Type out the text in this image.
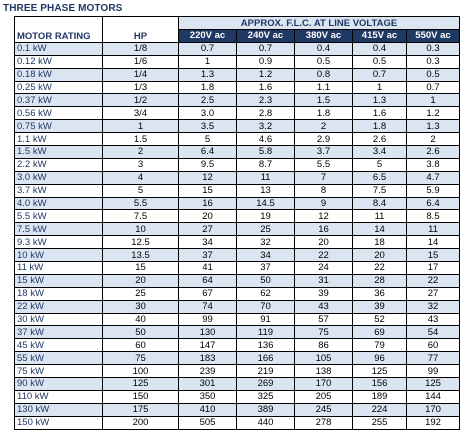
THREE PHASE MOTORS
		APPROX. F.L.C. AT LINE VOLTAGE				
MOTOR RATING	HP	220V ac	240V ac	380V ac	415V ac	550V ac
0.1 kW	1/8	0.7	0.7	0.4	0.4	0.3
0.12 kW	1/6	1	0.9	0.5	0.5	0.3
0.18 kW	1/4	1.3	1.2	0.8	0.7	0.5
0.25 kW	1/3	1.8	1.6	1.1	1	0.7
0.37 kW	1/2	2.5	2.3	1.5	1.3	1
0.56 kW	3/4	3.0	2.8	1.8	1.6	1.2
0.75 kW	1	3.5	3.2	2	1.8	1.3
1.1 kW	1.5	5	4.6	2.9	2.6	2
1.5 kW	2	6.4	5.8	3.7	3.4	2.6
2.2 kW	3	9.5	8.7	5.5	5	3.8
3.0 kW	4	12	11	7	6.5	4.7
3.7 kW	5	15	13	8	7.5	5.9
4.0 kW	5.5	16	14.5	9	8.4	6.4
5.5 kW	7.5	20	19	12	11	8.5
7.5 kW	10	27	25	16	14	11
9.3 kW	12.5	34	32	20	18	14
10 kW	13.5	37	34	22	20	15
11 kW	15	41	37	24	22	17
15 kW	20	64	50	31	28	22
18 kW	25	67	62	39	36	27
22 kW	30	74	70	43	39	32
30 kW	40	99	91	57	52	43
37 kW	50	130	119	75	69	54
45 kW	60	147	136	86	79	60
55 kW	75	183	166	105	96	77
75 kW	100	239	219	138	125	99
90 kW	125	301	269	170	156	125
110 kW	150	350	325	205	189	144
130 kW	175	410	389	245	224	170
150 kW	200	505	440	278	255	192
